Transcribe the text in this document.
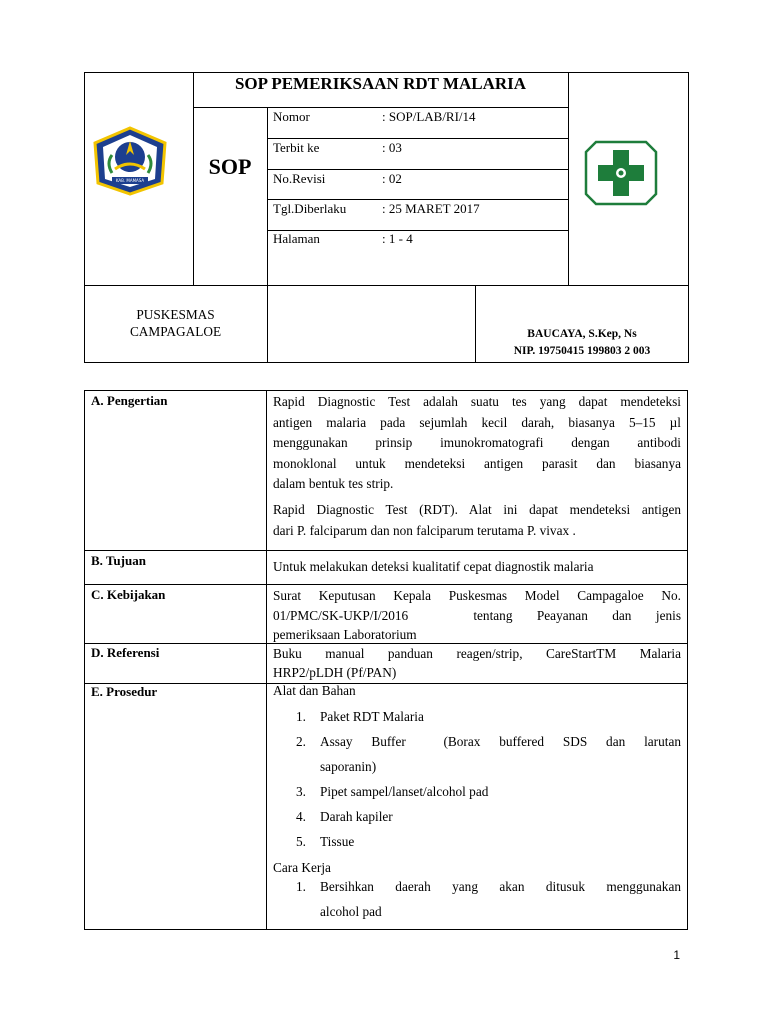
SOP PEMERIKSAAN RDT MALARIA
SOP
Nomor	: SOP/LAB/RI/14
Terbit ke	: 03
No.Revisi	: 02
Tgl.Diberlaku	: 25 MARET 2017
Halaman	: 1 - 4
KAB. MAMASA
PUSKESMAS
CAMPAGALOE	BAUCAYA, S.Kep, Ns
NIP. 19750415 199803 2 003
A. Pengertian	Rapid Diagnostic Test adalah suatu tes yang dapat mendeteksi

antigen malaria pada sejumlah kecil darah, biasanya 5–15 µl

menggunakan prinsip imunokromatografi dengan antibodi

monoklonal untuk mendeteksi antigen parasit dan biasanya

dalam bentuk tes strip.

Rapid Diagnostic Test (RDT). Alat ini dapat mendeteksi antigen

dari P. falciparum dan non falciparum terutama P. vivax .

B. Tujuan	Untuk melakukan deteksi kualitatif cepat diagnostik malaria
C. Kebijakan	Surat Keputusan Kepala Puskesmas Model Campagaloe No.

01/PMC/SK-UKP/I/2016        tentang   Peayanan   dan   jenis

pemeriksaan Laboratorium

D. Referensi	Buku manual panduan reagen/strip, CareStartTM Malaria

HRP2/pLDH (Pf/PAN)

E. Prosedur	Alat dan Bahan
1. Paket RDT Malaria
2. Assay  Buffer    (Borax  buffered  SDS  dan  larutan
saporanin)
3. Pipet sampel/lanset/alcohol pad
4. Darah kapiler
5. Tissue
Cara Kerja
1. Bersihkan  daerah  yang  akan  ditusuk  menggunakan
alcohol pad
1
